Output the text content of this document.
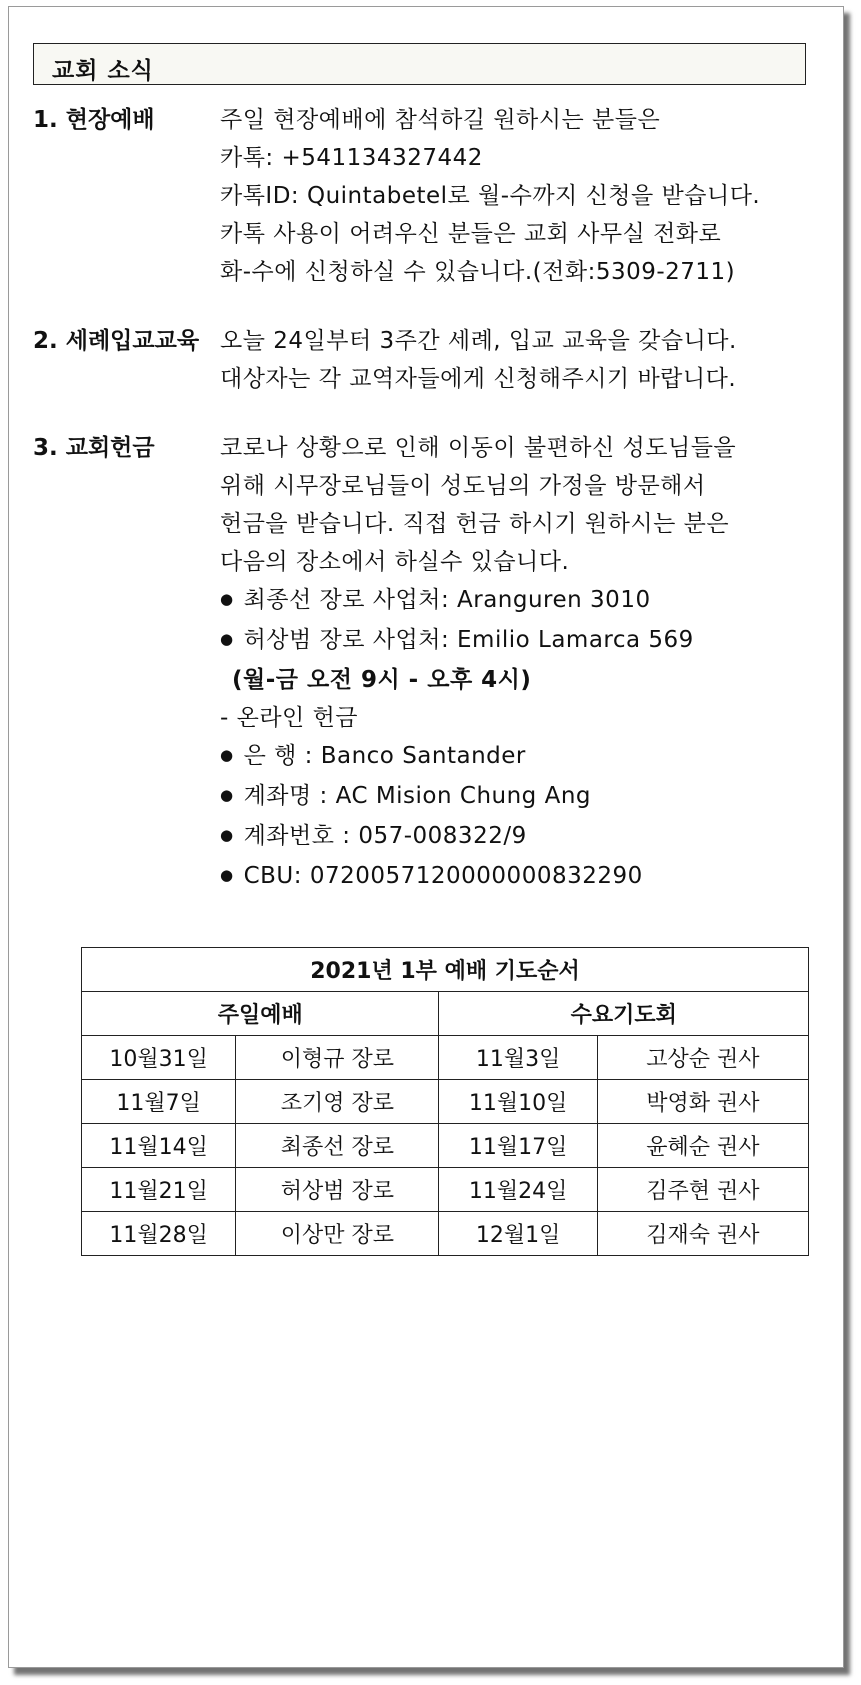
교회 소식
1. 현장예배	주일 현장예배에 참석하길 원하시는 분들은
카톡: +541134327442
카톡ID: Quintabetel로 월-수까지 신청을 받습니다.
카톡 사용이 어려우신 분들은 교회 사무실 전화로
화-수에 신청하실 수 있습니다.(전화:5309-2711)
2. 세례입교교육 오늘 24일부터 3주간 세례, 입교 교육을 갖습니다.
대상자는 각 교역자들에게 신청해주시기 바랍니다.
3. 교회헌금	코로나 상황으로 인해 이동이 불편하신 성도님들을
위해 시무장로님들이 성도님의 가정을 방문해서
헌금을 받습니다. 직접 헌금 하시기 원하시는 분은
다음의 장소에서 하실수 있습니다.
● 최종선 장로 사업처: Aranguren 3010
● 허상범 장로 사업처: Emilio Lamarca 569
(월-금 오전 9시 - 오후 4시)
- 온라인 헌금
● 은 행 : Banco Santander
● 계좌명 : AC Mision Chung Ang
● 계좌번호 : 057-008322/9
● CBU: 0720057120000000832290
2021년 1부 예배 기도순서			
주일예배		수요기도회	
10월31일	이형규 장로	11월3일	고상순 권사
11월7일	조기영 장로	11월10일	박영화 권사
11월14일	최종선 장로	11월17일	윤혜순 권사
11월21일	허상범 장로	11월24일	김주현 권사
11월28일	이상만 장로	12월1일	김재숙 권사
